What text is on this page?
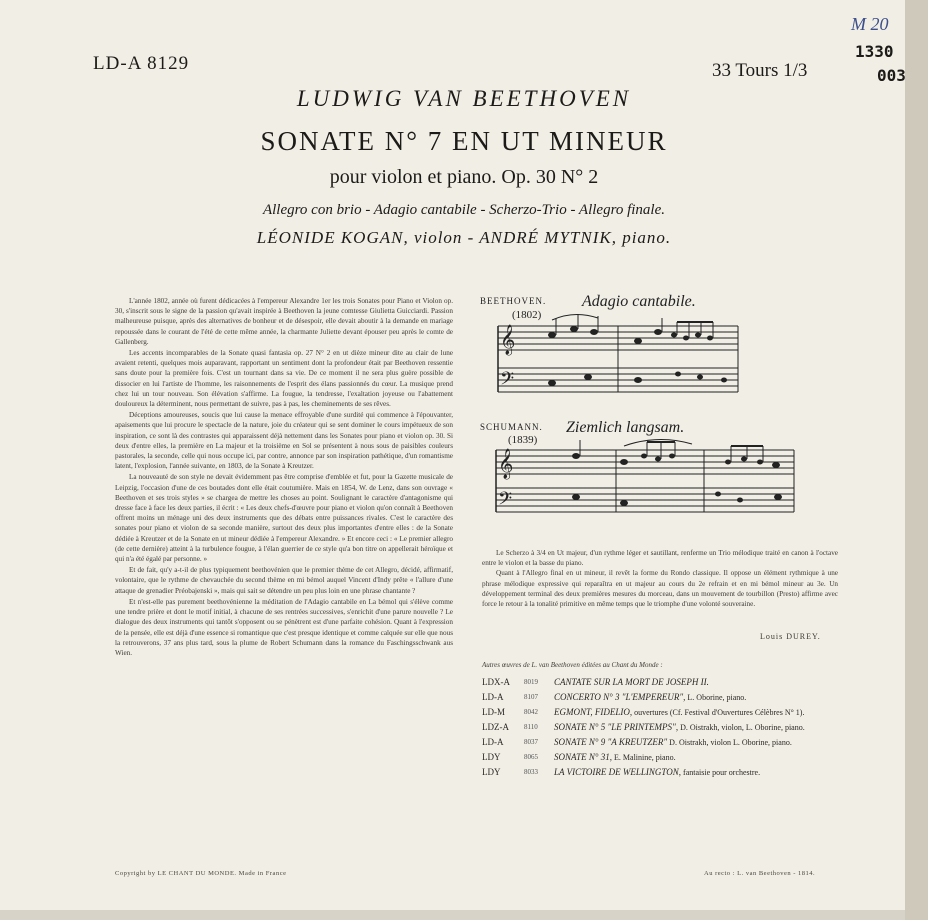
LD-A 8129	33 Tours 1/3
M 20
1330
003
LUDWIG VAN BEETHOVEN
SONATE N° 7 EN UT MINEUR
pour violon et piano. Op. 30 N° 2
Allegro con brio - Adagio cantabile - Scherzo-Trio - Allegro finale.
LÉONIDE KOGAN, violon - ANDRÉ MYTNIK, piano.

L'année 1802, année où furent dédicacées à l'empereur Alexandre 1er les trois Sonates pour Piano et Violon op. 30, s'inscrit sous le signe de la passion qu'avait inspirée à Beethoven la jeune comtesse Giulietta Guicciardi. Passion malheureuse puisque, après des alternatives de bonheur et de désespoir, elle devait aboutir à la demande en mariage repoussée dans le courant de l'été de cette même année, la charmante Juliette devant épouser peu après le comte de Gallenberg.

Les accents incomparables de la Sonate quasi fantasia op. 27 N° 2 en ut dièze mineur dite au clair de lune avaient retenti, quelques mois auparavant, rapportant un sentiment dont la profondeur était par Beethoven ressentie sans doute pour la première fois. C'est un tournant dans sa vie. De ce moment il ne sera plus guère possible de dissocier en lui l'artiste de l'homme, les raisonnements de l'esprit des élans passionnés du cœur. La musique prend chez lui un tour nouveau. Son élévation s'affirme. La fougue, la tendresse, l'exaltation joyeuse ou l'abattement douloureux la déterminent, nous permettant de suivre, pas à pas, les cheminements de ses rêves.

Déceptions amoureuses, soucis que lui cause la menace effroyable d'une surdité qui commence à l'épouvanter, apaisements que lui procure le spectacle de la nature, joie du créateur qui se sent dominer le cours impétueux de son inspiration, ce sont là des contrastes qui apparaissent déjà nettement dans les Sonates pour piano et violon op. 30. Si deux d'entre elles, la première en La majeur et la troisième en Sol se présentent à nous sous de paisibles couleurs pastorales, la seconde, celle qui nous occupe ici, par contre, annonce par son inspiration pathétique, d'un romantisme latent, l'explosion, l'année suivante, en 1803, de la Sonate à Kreutzer.

La nouveauté de son style ne devait évidemment pas être comprise d'emblée et fut, pour la Gazette musicale de Leipzig, l'occasion d'une de ces boutades dont elle était coutumière. Mais en 1854, W. de Lenz, dans son ouvrage « Beethoven et ses trois styles » se chargea de mettre les choses au point. Soulignant le caractère d'antagonisme qui dresse face à face les deux parties, il écrit : « Les deux chefs-d'œuvre pour piano et violon qu'on connaît à Beethoven offrent moins un ménage uni des deux instruments que des débats entre puissances rivales. C'est le caractère des sonates pour piano et violon de sa seconde manière, surtout des deux plus importantes d'entre elles : de la Sonate dédiée à Kreutzer et de la Sonate en ut mineur dédiée à l'empereur Alexandre. » Et encore ceci : « Le premier allegro (de cette dernière) atteint à la turbulence fougue, à l'élan guerrier de ce style qu'a bon titre on appellerait héroïque et qui n'a été égalé par personne. »

Et de fait, qu'y a-t-il de plus typiquement beethovénien que le premier thème de cet Allegro, décidé, affirmatif, volontaire, que le rythme de chevauchée du second thème en mi bémol auquel Vincent d'Indy prête « l'allure d'une attaque de grenadier Préobajenski », mais qui sait se détendre un peu plus loin en une phrase chantante ?

Et n'est-elle pas purement beethovénienne la méditation de l'Adagio cantabile en La bémol qui s'élève comme une tendre prière et dont le motif initial, à chacune de ses rentrées successives, s'enrichit d'une parure nouvelle ? Le dialogue des deux instruments qui tantôt s'opposent ou se pénètrent est d'une parfaite cohésion. Quant à l'expression de la pensée, elle est déjà d'une essence si romantique que c'est presque identique et comme calquée sur elle que nous la retrouverons, 37 ans plus tard, sous la plume de Robert Schumann dans la romance du Faschingsschwank aus Wien.

BEETHOVEN. Adagio cantabile.
(1802)
𝄞
𝄢
SCHUMANN. Ziemlich langsam.
(1839)
𝄞
𝄢

Le Scherzo à 3/4 en Ut majeur, d'un rythme léger et sautillant, renferme un Trio mélodique traité en canon à l'octave entre le violon et la basse du piano.

Quant à l'Allegro final en ut mineur, il revêt la forme du Rondo classique. Il oppose un élément rythmique à une phrase mélodique expressive qui reparaîtra en ut majeur au cours du 2e refrain et en mi bémol mineur au 3e. Un développement terminal des deux premières mesures du morceau, dans un mouvement de tourbillon (Presto) affirme avec force le retour à la tonalité primitive en même temps que le triomphe d'une volonté souveraine.

Louis DUREY.
Autres œuvres de L. van Beethoven éditées au Chant du Monde :
LDX-A	8019	CANTATE SUR LA MORT DE JOSEPH II.
LD-A	8107	CONCERTO N° 3 "L'EMPEREUR", L. Oborine, piano.
LD-M	8042	EGMONT, FIDELIO, ouvertures (Cf. Festival d'Ouvertures Célèbres N° 1).
LDZ-A	8110	SONATE N° 5 "LE PRINTEMPS", D. Oistrakh, violon, L. Oborine, piano.
LD-A	8037	SONATE N° 9 "A KREUTZER" D. Oistrakh, violon L. Oborine, piano.
LDY	8065	SONATE N° 31, E. Malinine, piano.
LDY	8033	LA VICTOIRE DE WELLINGTON, fantaisie pour orchestre.
Copyright by LE CHANT DU MONDE. Made in France	Au recto : L. van Beethoven - 1814.
